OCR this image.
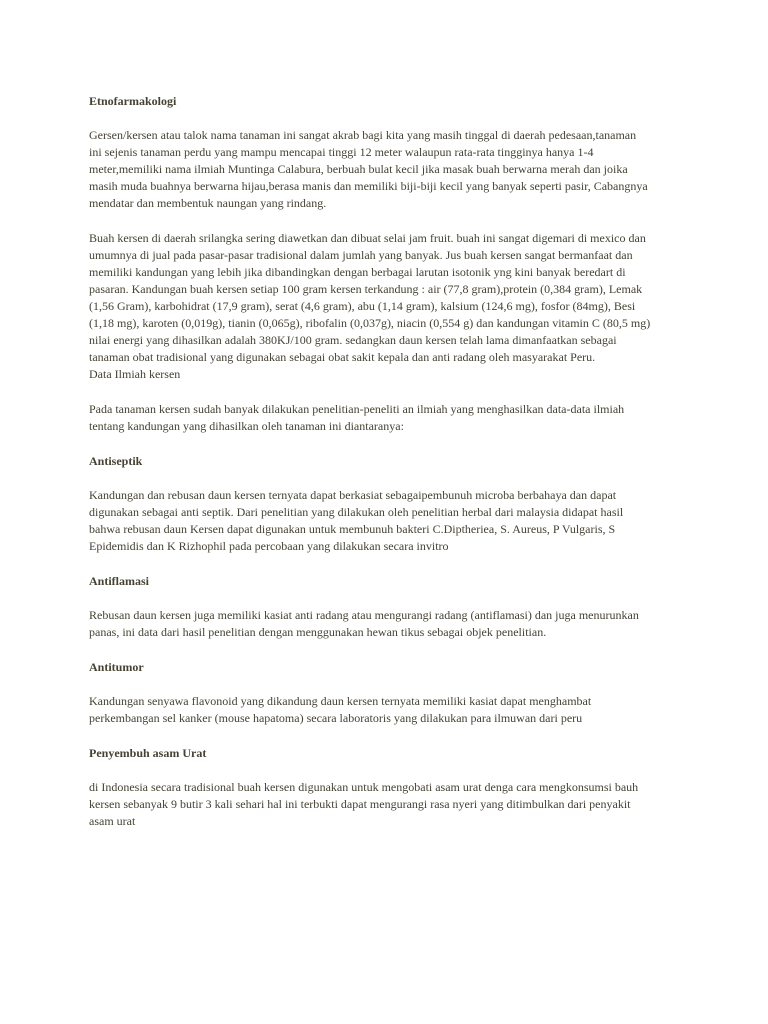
Etnofarmakologi

Gersen/kersen atau talok nama tanaman ini sangat akrab bagi kita yang masih tinggal di daerah pedesaan,tanaman
ini sejenis tanaman perdu yang mampu mencapai tinggi 12 meter walaupun rata-rata tingginya hanya 1-4
meter,memiliki nama ilmiah Muntinga Calabura, berbuah bulat kecil jika masak buah berwarna merah dan joika
masih muda buahnya berwarna hijau,berasa manis dan memiliki biji-biji kecil yang banyak seperti pasir, Cabangnya
mendatar dan membentuk naungan yang rindang.

Buah kersen di daerah srilangka sering diawetkan dan dibuat selai jam fruit. buah ini sangat digemari di mexico dan
umumnya di jual pada pasar-pasar tradisional dalam jumlah yang banyak. Jus buah kersen sangat bermanfaat dan
memiliki kandungan yang lebih jika dibandingkan dengan berbagai larutan isotonik yng kini banyak beredart di
pasaran. Kandungan buah kersen setiap 100 gram kersen terkandung : air (77,8 gram),protein (0,384 gram), Lemak
(1,56 Gram), karbohidrat (17,9 gram), serat (4,6 gram), abu (1,14 gram), kalsium (124,6 mg), fosfor (84mg), Besi
(1,18 mg), karoten (0,019g), tianin (0,065g), ribofalin (0,037g), niacin (0,554 g) dan kandungan vitamin C (80,5 mg)
nilai energi yang dihasilkan adalah 380KJ/100 gram. sedangkan daun kersen telah lama dimanfaatkan sebagai
tanaman obat tradisional yang digunakan sebagai obat sakit kepala dan anti radang oleh masyarakat Peru.

Data Ilmiah kersen

Pada tanaman kersen sudah banyak dilakukan penelitian-peneliti an ilmiah yang menghasilkan data-data ilmiah
tentang kandungan yang dihasilkan oleh tanaman ini diantaranya:

Antiseptik

Kandungan dan rebusan daun kersen ternyata dapat berkasiat sebagaipembunuh microba berbahaya dan dapat
digunakan sebagai anti septik. Dari penelitian yang dilakukan oleh penelitian herbal dari malaysia didapat hasil
bahwa rebusan daun Kersen dapat digunakan untuk membunuh bakteri C.Diptheriea, S. Aureus, P Vulgaris, S
Epidemidis dan K Rizhophil pada percobaan yang dilakukan secara invitro

Antiflamasi

Rebusan daun kersen juga memiliki kasiat anti radang atau mengurangi radang (antiflamasi) dan juga menurunkan
panas, ini data dari hasil penelitian dengan menggunakan hewan tikus sebagai objek penelitian.

Antitumor

Kandungan senyawa flavonoid yang dikandung daun kersen ternyata memiliki kasiat dapat menghambat
perkembangan sel kanker (mouse hapatoma) secara laboratoris yang dilakukan para ilmuwan dari peru

Penyembuh asam Urat

di Indonesia secara tradisional buah kersen digunakan untuk mengobati asam urat denga cara mengkonsumsi bauh
kersen sebanyak 9 butir 3 kali sehari hal ini terbukti dapat mengurangi rasa nyeri yang ditimbulkan dari penyakit
asam urat
